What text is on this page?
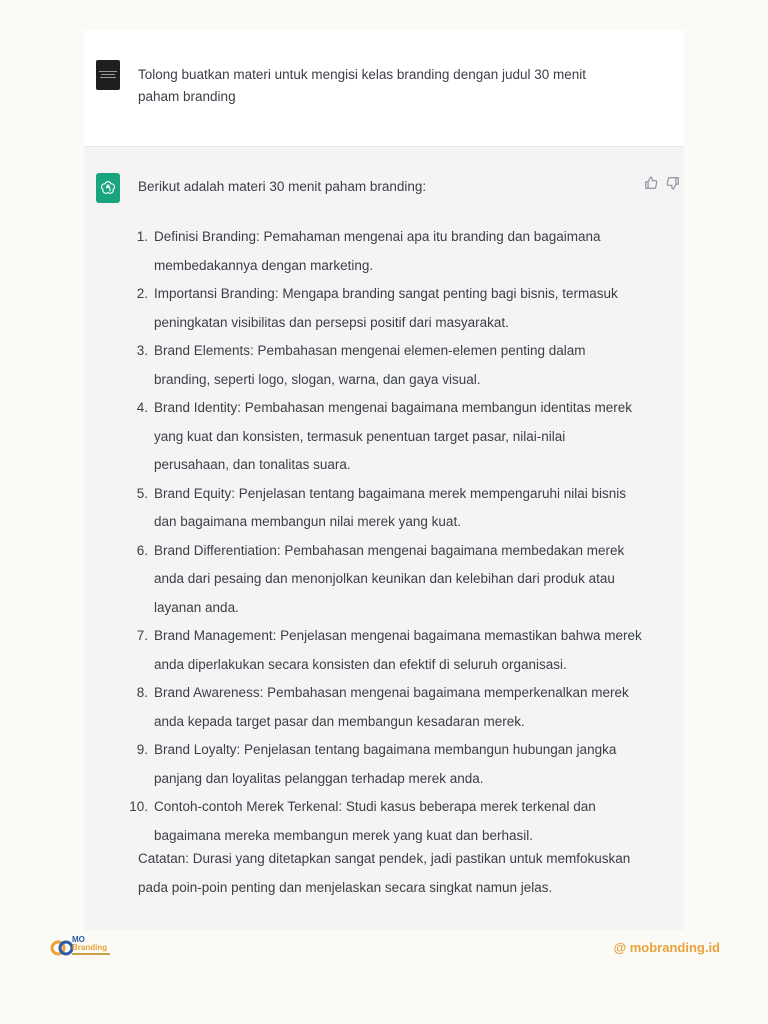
Tolong buatkan materi untuk mengisi kelas branding dengan judul 30 menit paham branding
Berikut adalah materi 30 menit paham branding:
1. Definisi Branding: Pemahaman mengenai apa itu branding dan bagaimana membedakannya dengan marketing.
2. Importansi Branding: Mengapa branding sangat penting bagi bisnis, termasuk peningkatan visibilitas dan persepsi positif dari masyarakat.
3. Brand Elements: Pembahasan mengenai elemen-elemen penting dalam branding, seperti logo, slogan, warna, dan gaya visual.
4. Brand Identity: Pembahasan mengenai bagaimana membangun identitas merek yang kuat dan konsisten, termasuk penentuan target pasar, nilai-nilai perusahaan, dan tonalitas suara.
5. Brand Equity: Penjelasan tentang bagaimana merek mempengaruhi nilai bisnis dan bagaimana membangun nilai merek yang kuat.
6. Brand Differentiation: Pembahasan mengenai bagaimana membedakan merek anda dari pesaing dan menonjolkan keunikan dan kelebihan dari produk atau layanan anda.
7. Brand Management: Penjelasan mengenai bagaimana memastikan bahwa merek anda diperlakukan secara konsisten dan efektif di seluruh organisasi.
8. Brand Awareness: Pembahasan mengenai bagaimana memperkenalkan merek anda kepada target pasar dan membangun kesadaran merek.
9. Brand Loyalty: Penjelasan tentang bagaimana membangun hubungan jangka panjang dan loyalitas pelanggan terhadap merek anda.
10. Contoh-contoh Merek Terkenal: Studi kasus beberapa merek terkenal dan bagaimana mereka membangun merek yang kuat dan berhasil.
Catatan: Durasi yang ditetapkan sangat pendek, jadi pastikan untuk memfokuskan pada poin-poin penting dan menjelaskan secara singkat namun jelas.
MO
Branding	@ mobranding.id
